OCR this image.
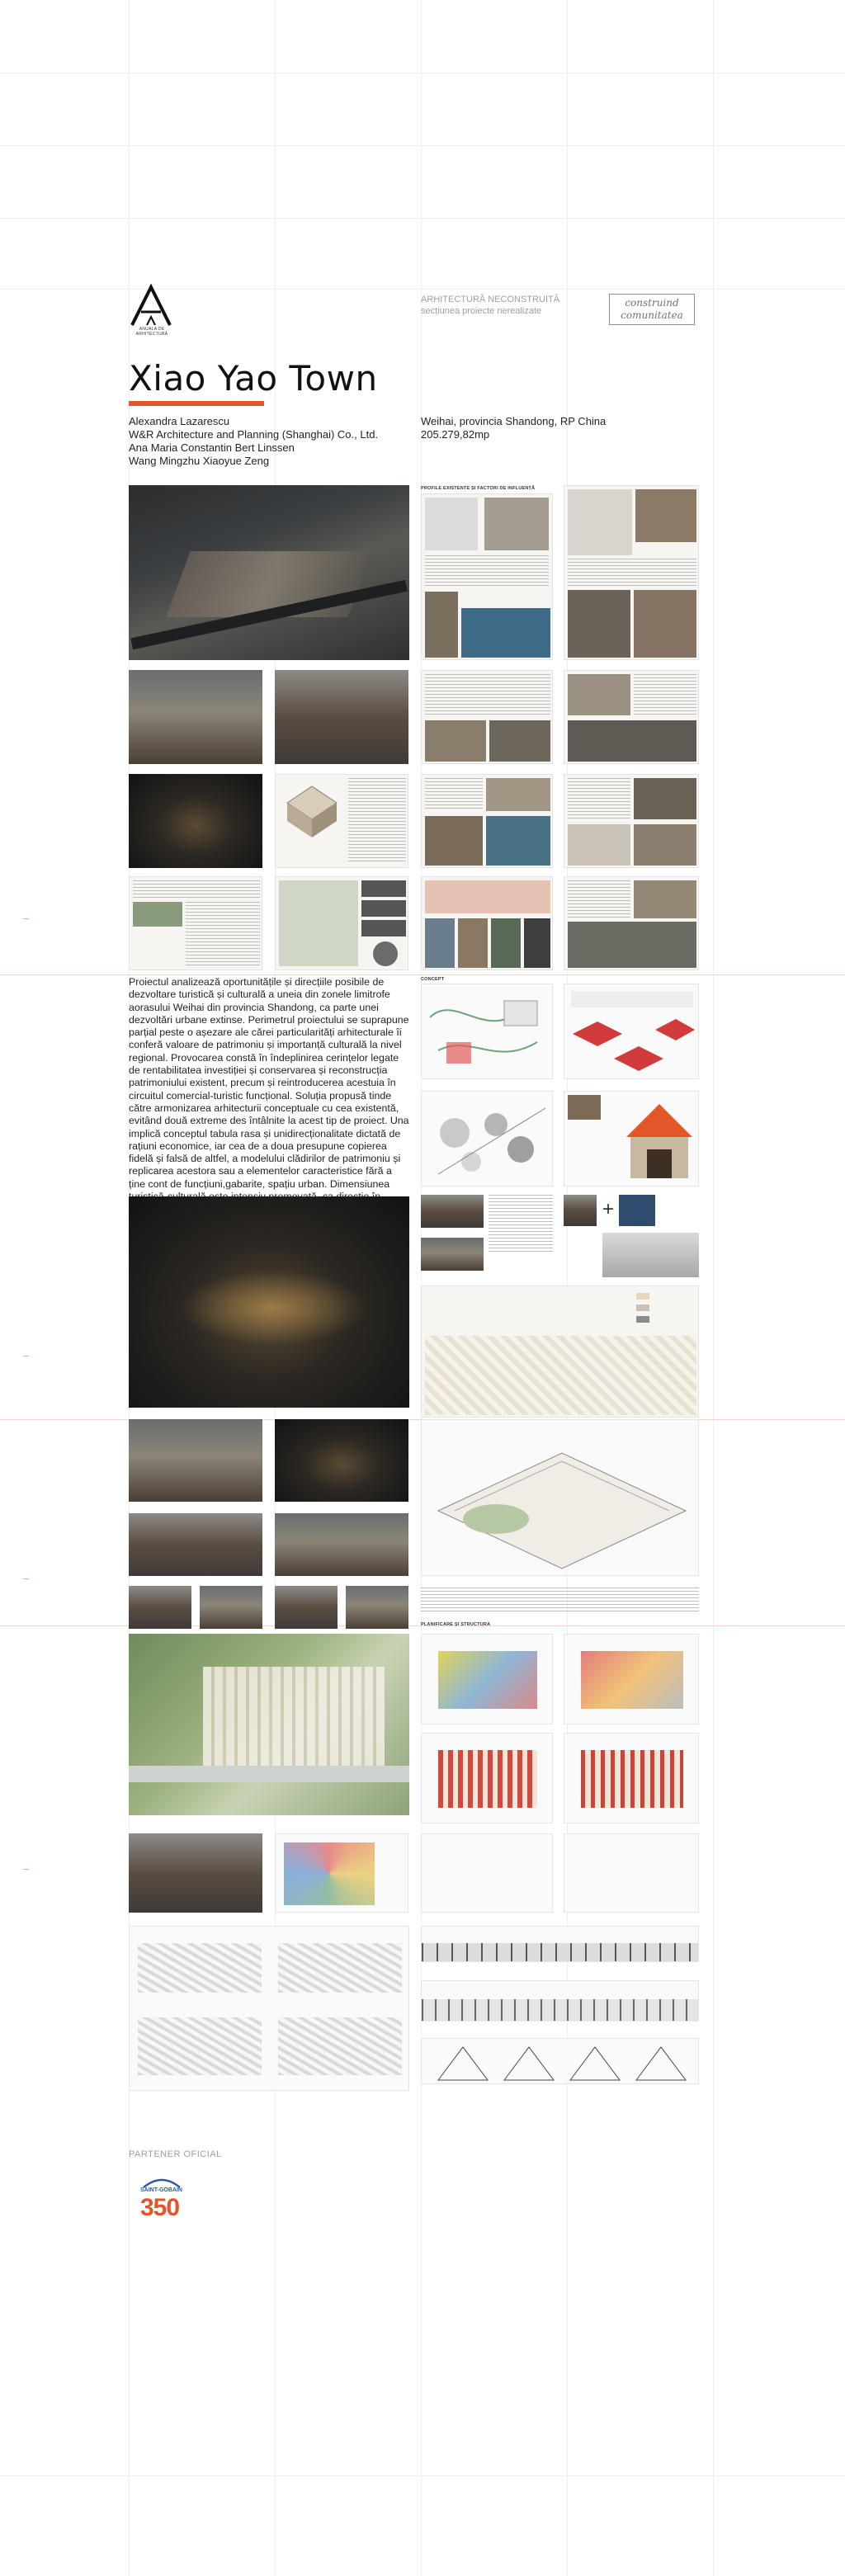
ANUALA DE ARHITECTURĂ
ARHITECTURĂ NECONSTRUITĂ
secțiunea proiecte nerealizate
construind
comunitatea
Xiao Yao Town
Alexandra Lazarescu
W&R Architecture and Planning (Shanghai) Co., Ltd.
Ana Maria Constantin Bert Linssen
Wang Mingzhu Xiaoyue Zeng
Weihai, provincia Shandong, RP China
205.279,82mp
PROFILE EXISTENTE ȘI FACTORI DE INFLUENȚĂ
Proiectul analizează oportunitățile și direcțiile posibile de dezvoltare turistică și culturală a uneia din zonele limitrofe aorasului Weihai din provincia Shandong, ca parte unei dezvoltări urbane extinse. Perimetrul proiectului se suprapune parțial peste o așezare ale cărei particularități arhitecturale îi conferă valoare de patrimoniu și importanță culturală la nivel regional. Provocarea constă în îndeplinirea cerințelor legate de rentabilitatea investiției și conservarea și reconstrucția patrimoniului existent, precum și reintroducerea acestuia în circuitul comercial-turistic funcțional. Soluția propusă tinde către armonizarea arhitecturii conceptuale cu cea existentă, evitând două extreme des întâlnite la acest tip de proiect. Una implică conceptul tabula rasa și unidirecționalitate dictată de rațiuni economice, iar cea de a doua presupune copierea fidelă și falsă de altfel, a modelului clădirilor de patrimoniu și replicarea acestora sau a elementelor caracteristice fără a ține cont de funcțiuni,gabarite, spațiu urban. Dimensiunea
CONCEPT
+
PLANIFICARE ȘI STRUCTURA
—
—
—
—
PARTENER OFICIAL
SAINT-GOBAIN
350
